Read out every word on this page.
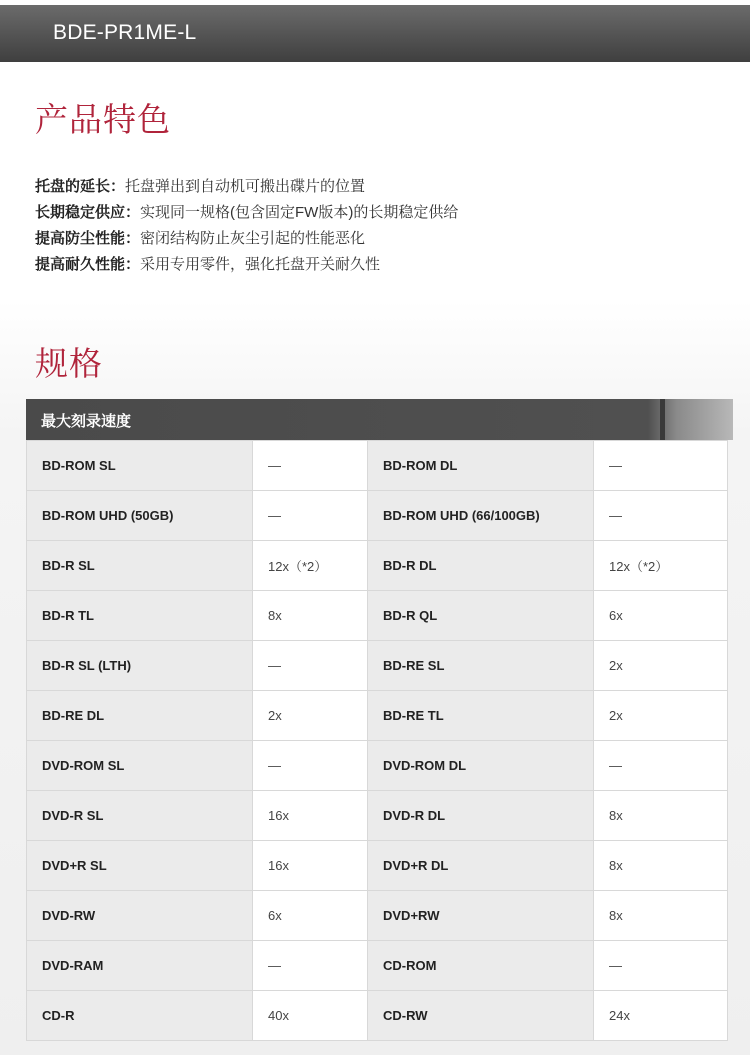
BDE-PR1ME-L
产品特色
托盘的延长：托盘弹出到自动机可搬出碟片的位置
长期稳定供应：实现同一规格(包含固定FW版本)的长期稳定供给
提高防尘性能：密闭结构防止灰尘引起的性能恶化
提高耐久性能：采用专用零件，强化托盘开关耐久性
规格
最大刻录速度
BD-ROM SL	—	BD-ROM DL	—
BD-ROM UHD (50GB)	—	BD-ROM UHD (66/100GB)	—
BD-R SL	12x（*2）	BD-R DL	12x（*2）
BD-R TL	8x	BD-R QL	6x
BD-R SL (LTH)	—	BD-RE SL	2x
BD-RE DL	2x	BD-RE TL	2x
DVD-ROM SL	—	DVD-ROM DL	—
DVD-R SL	16x	DVD-R DL	8x
DVD+R SL	16x	DVD+R DL	8x
DVD-RW	6x	DVD+RW	8x
DVD-RAM	—	CD-ROM	—
CD-R	40x	CD-RW	24x
